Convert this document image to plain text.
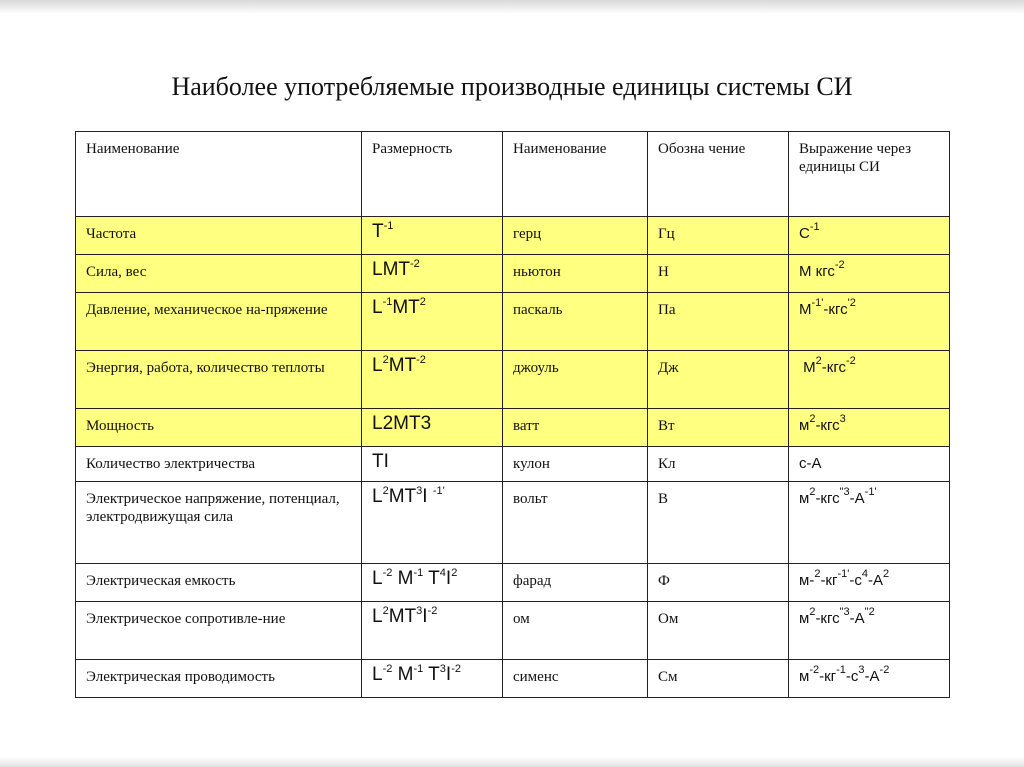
Наиболее употребляемые производные единицы системы СИ
Наименование	Размерность	Наименование	Обозна чение	Выражение через единицы СИ
Частота	$T^{-1}$	герц	Гц	$С^{-1}$
Сила, вес	$LMT^{-2}$	ньютон	Н	М кгс$^{-2}$
Давление, механическое на-пряжение	$L^{-1}MT^2$	паскаль	Па	$М^{-1'}-кгс^{'2}$
Энергия, работа, количество теплоты	$L^2MT^{-2}$	джоуль	Дж	$М^2-кгс^{-2}$
Мощность	L2MT3	ватт	Вт	$м^2-кгс^3$
Количество электричества	TI	кулон	Кл	с-А
Электрическое напряжение, потенциал, электродвижущая сила	$L^2MT^3I$ $^{-1'}$	вольт	В	$м^2-кгс^{"3}-А^{-1'}$
Электрическая емкость	$L^{-2}$ $M^{-1}$ $T^4I^2$	фарад	Ф	$м-^2-кг^{-1'}-с^4-А^2$
Электрическое сопротивле-ние	$L^2MT^3I^{-2}$	ом	Ом	$м^2-кгс^{"3}-А^{"2}$
Электрическая проводимость	$L^{-2}$ $M^{-1}$ $T^3I^{-2}$	сименс	См	$м^{-2}-кг^{-1}-с^3-А^{-2}$
